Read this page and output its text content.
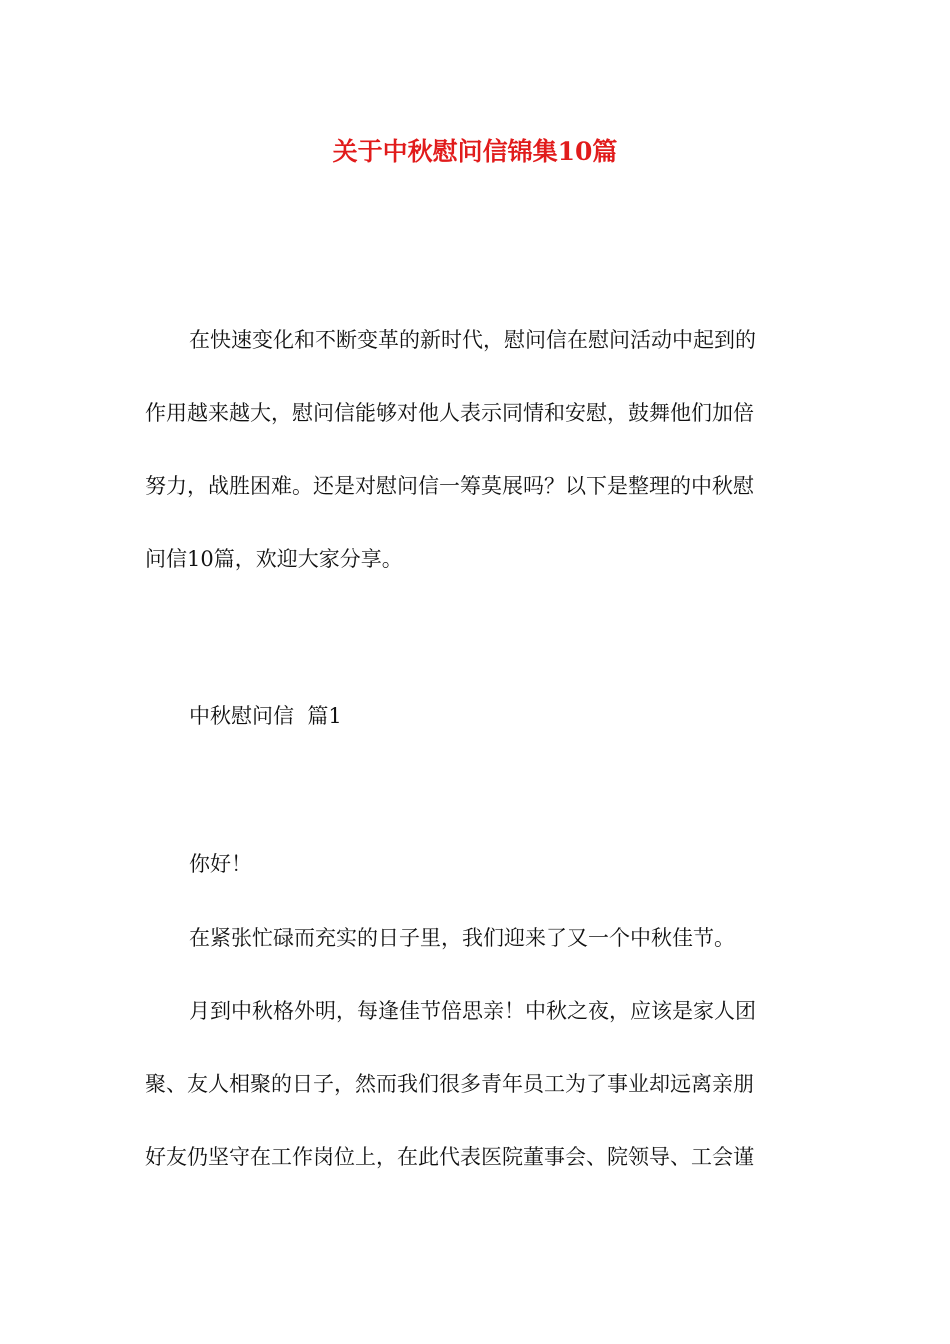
关于中秋慰问信锦集10篇
在快速变化和不断变革的新时代，慰问信在慰问活动中起到的
作用越来越大，慰问信能够对他人表示同情和安慰，鼓舞他们加倍
努力，战胜困难。还是对慰问信一筹莫展吗？以下是整理的中秋慰
问信10篇，欢迎大家分享。
中秋慰问信  篇1
你好！
在紧张忙碌而充实的日子里，我们迎来了又一个中秋佳节。
月到中秋格外明，每逢佳节倍思亲！中秋之夜，应该是家人团
聚、友人相聚的日子，然而我们很多青年员工为了事业却远离亲朋
好友仍坚守在工作岗位上，在此代表医院董事会、院领导、工会谨
